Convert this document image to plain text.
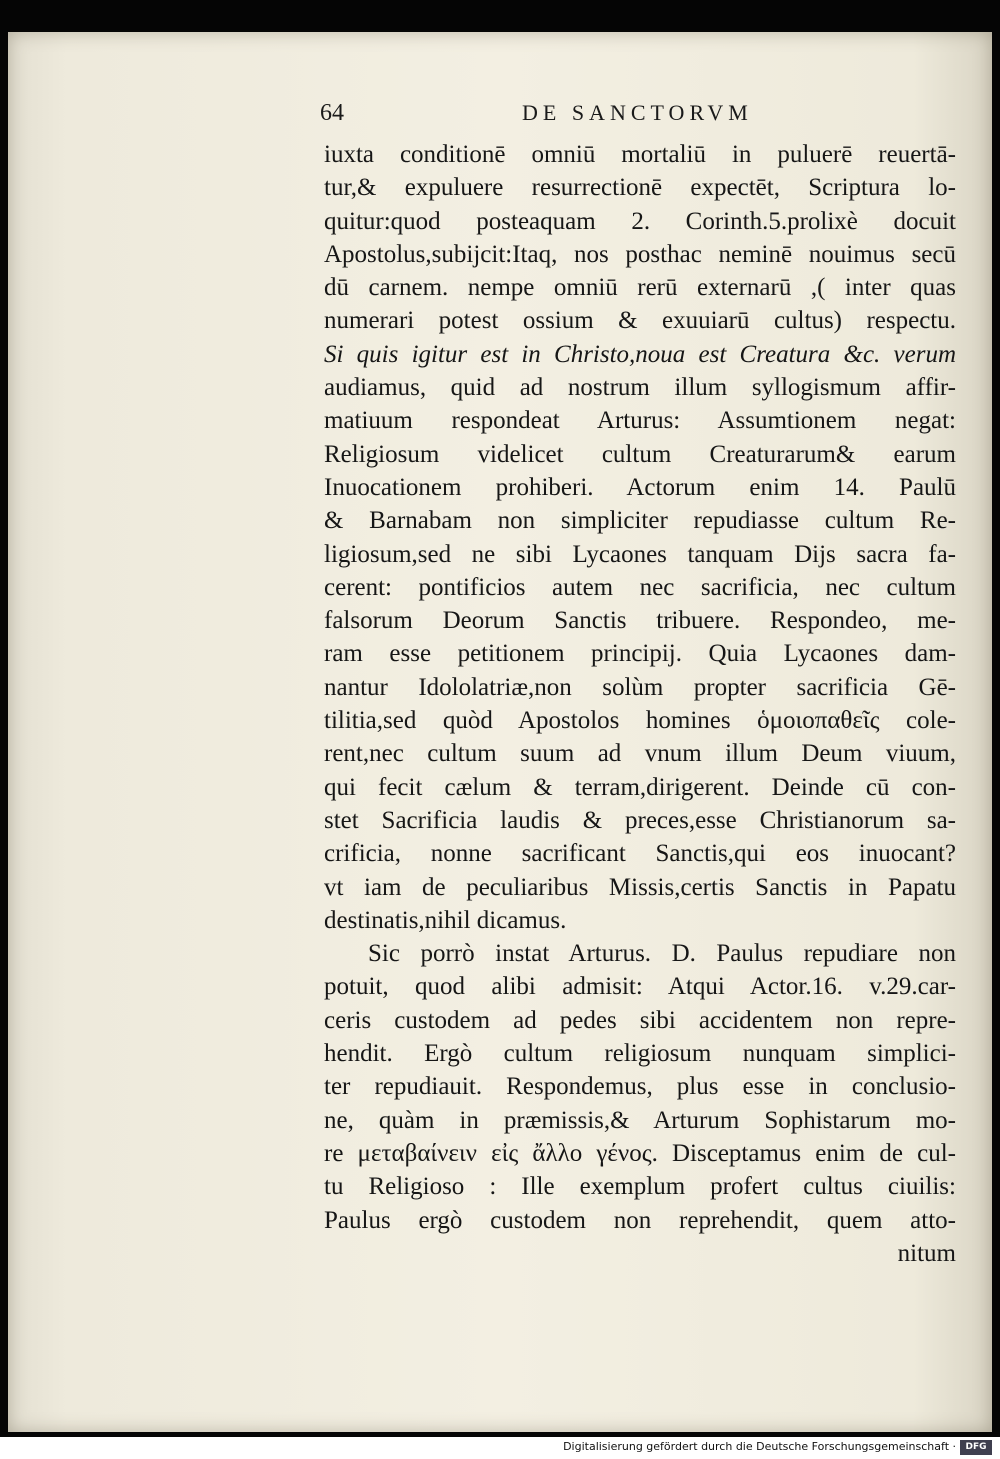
64	DE SANCTORVM
iuxta conditionē omniū mortaliū in puluerē reuertā-
tur,& expuluere resurrectionē expectēt, Scriptura lo-
quitur:quod posteaquam 2. Corinth.5.prolixè docuit
Apostolus,subijcit:Itaq, nos posthac neminē nouimus secū
dū carnem. nempe omniū rerū externarū ,( inter quas
numerari potest ossium & exuuiarū cultus) respectu.
Si quis igitur est in Christo,noua est Creatura &c. verum
audiamus, quid ad nostrum illum syllogismum affir-
matiuum respondeat Arturus: Assumtionem negat:
Religiosum videlicet cultum Creaturarum& earum
Inuocationem prohiberi. Actorum enim 14. Paulū
& Barnabam non simpliciter repudiasse cultum Re-
ligiosum,sed ne sibi Lycaones tanquam Dijs sacra fa-
cerent: pontificios autem nec sacrificia, nec cultum
falsorum Deorum Sanctis tribuere. Respondeo, me-
ram esse petitionem principij. Quia Lycaones dam-
nantur Idololatriæ,non solùm propter sacrificia Gē-
tilitia,sed quòd Apostolos homines ὁμοιοπαθεῖς cole-
rent,nec cultum suum ad vnum illum Deum viuum,
qui fecit cælum & terram,dirigerent. Deinde cū con-
stet Sacrificia laudis & preces,esse Christianorum sa-
crificia, nonne sacrificant Sanctis,qui eos inuocant?
vt iam de peculiaribus Missis,certis Sanctis in Papatu
destinatis,nihil dicamus.
Sic porrò instat Arturus. D. Paulus repudiare non
potuit, quod alibi admisit: Atqui Actor.16. v.29.car-
ceris custodem ad pedes sibi accidentem non repre-
hendit. Ergò cultum religiosum nunquam simplici-
ter repudiauit. Respondemus, plus esse in conclusio-
ne, quàm in præmissis,& Arturum Sophistarum mo-
re μεταβαίνειν εἰς ἄλλο γένος. Disceptamus enim de cul-
tu Religioso : Ille exemplum profert cultus ciuilis:
Paulus ergò custodem non reprehendit, quem atto-
nitum
Digitalisierung gefördert durch die Deutsche Forschungsgemeinschaft ·	DFG
